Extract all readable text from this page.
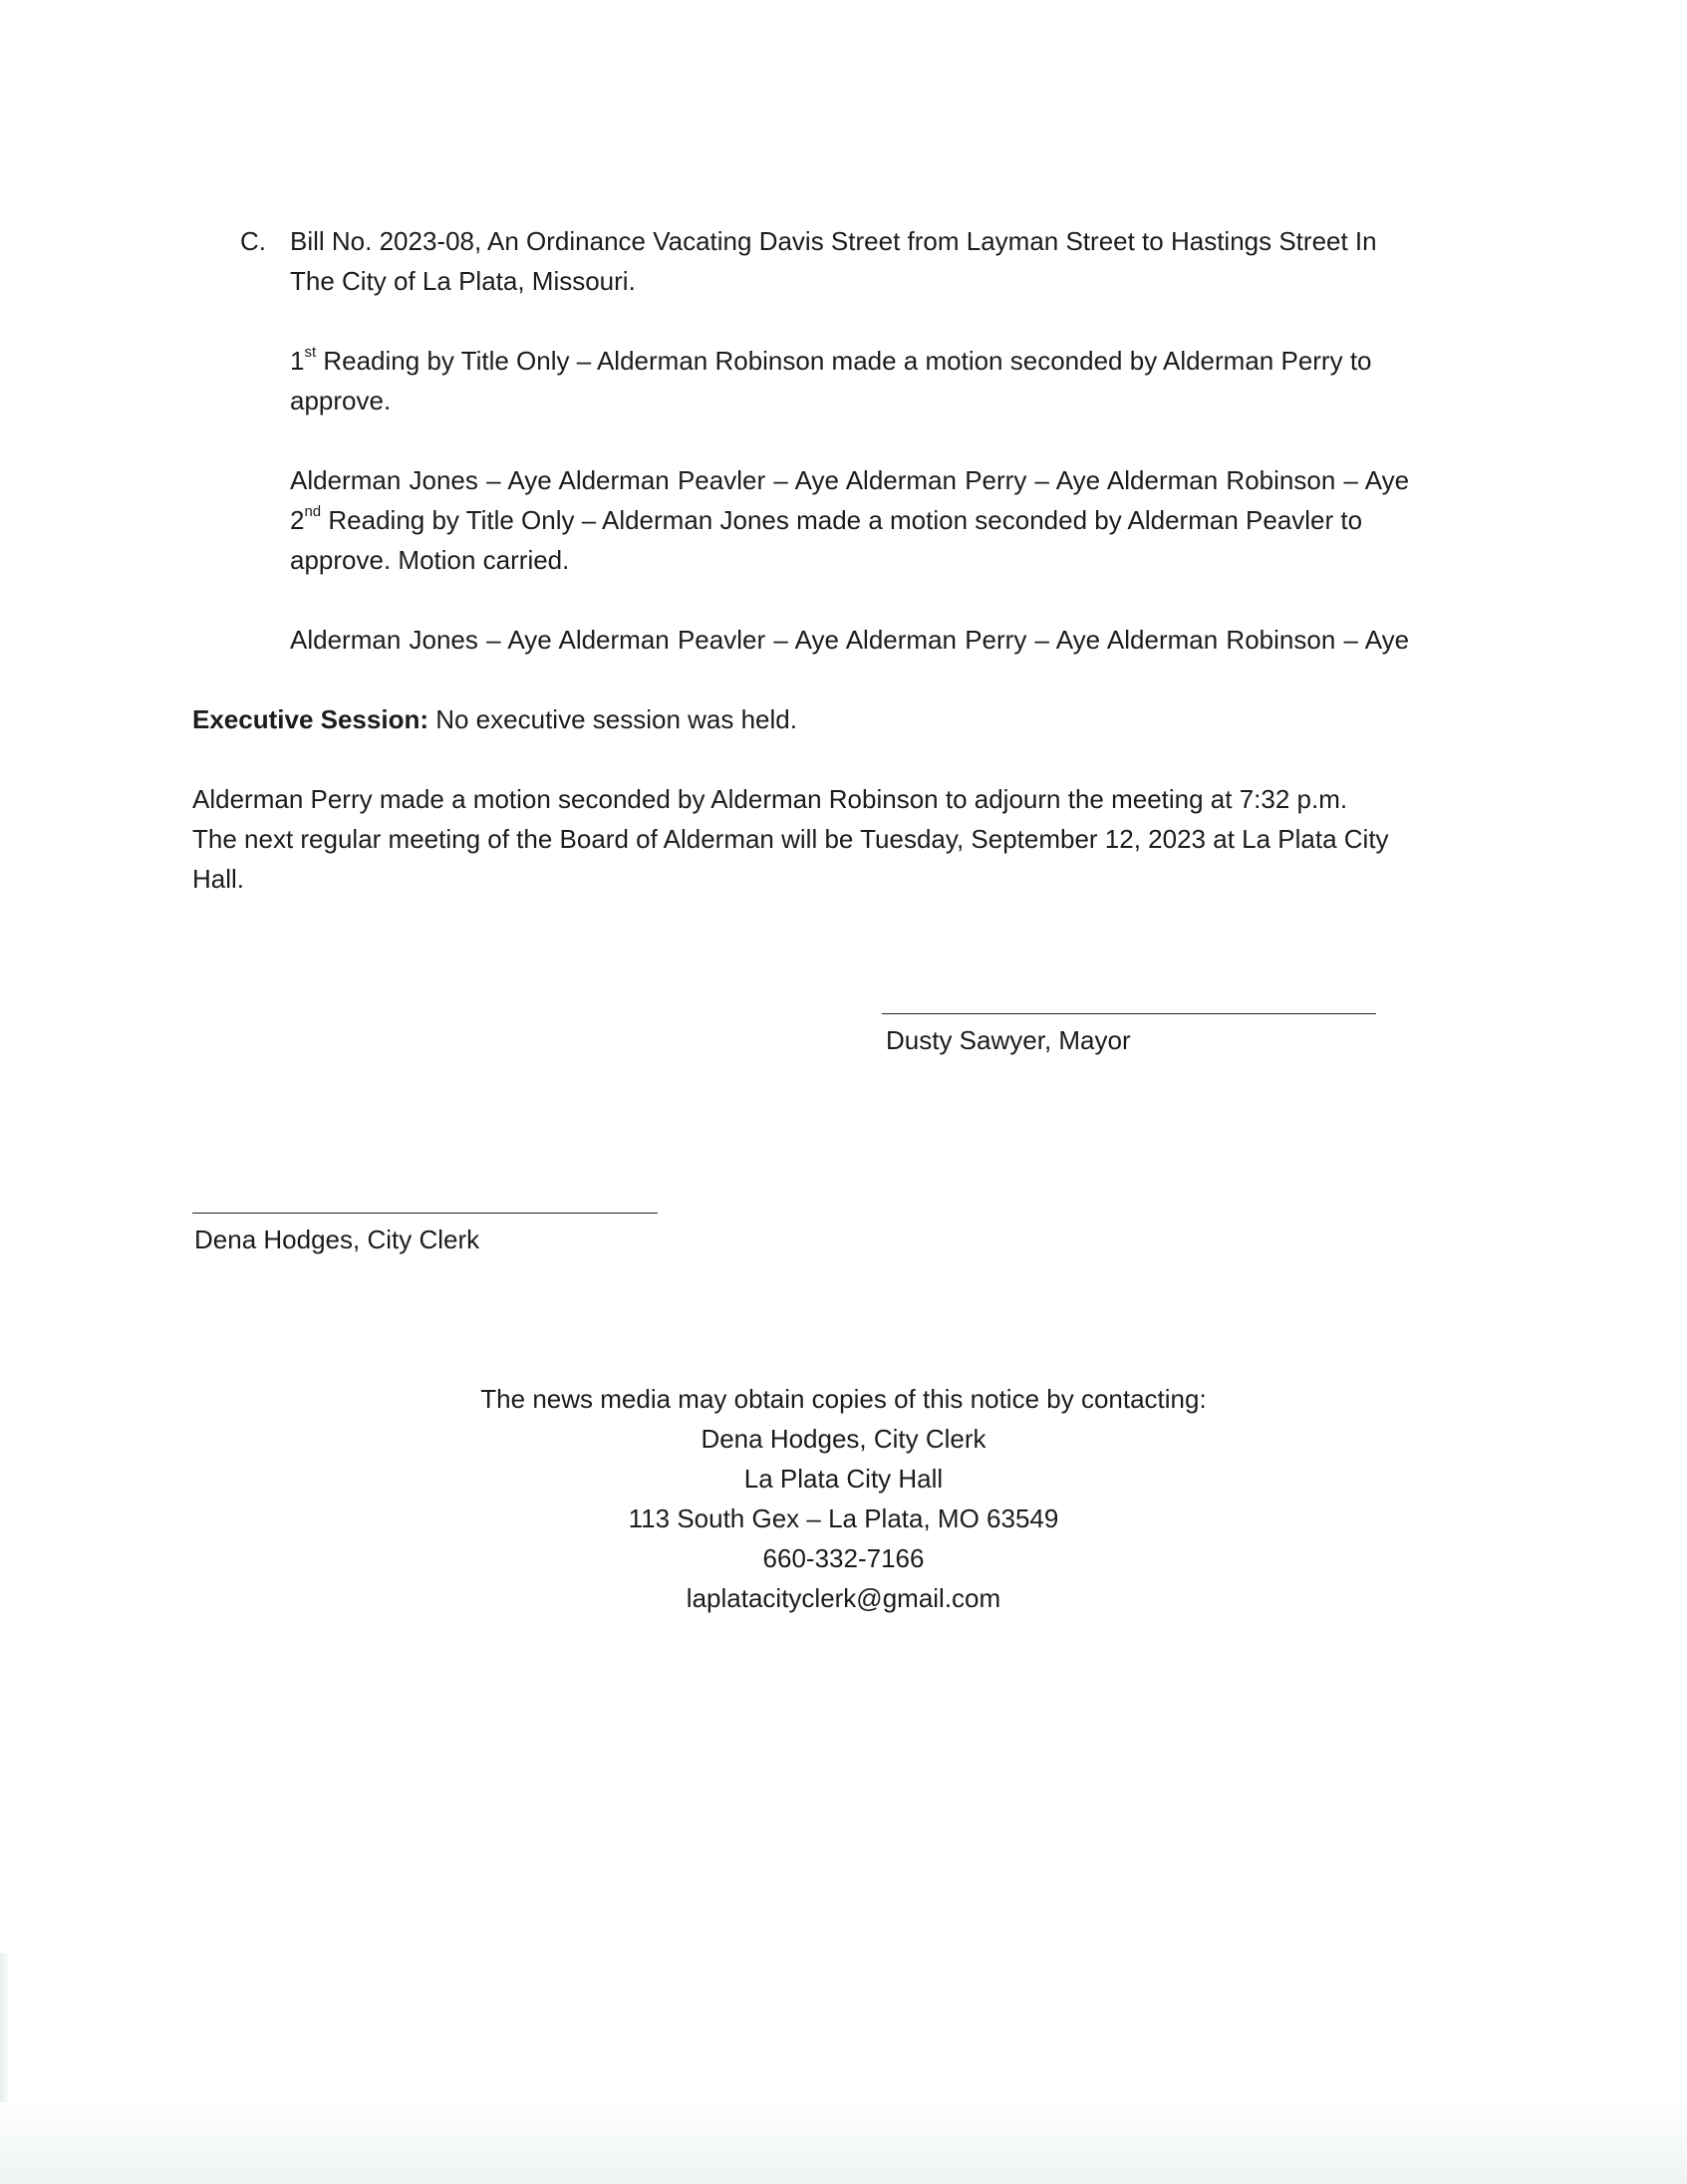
C. Bill No. 2023-08, An Ordinance Vacating Davis Street from Layman Street to Hastings Street In
The City of La Plata, Missouri.
1st Reading by Title Only – Alderman Robinson made a motion seconded by Alderman Perry to
approve.
Alderman Jones – Aye Alderman Peavler – Aye Alderman Perry – Aye Alderman Robinson – Aye
2nd Reading by Title Only – Alderman Jones made a motion seconded by Alderman Peavler to
approve. Motion carried.
Alderman Jones – Aye Alderman Peavler – Aye Alderman Perry – Aye Alderman Robinson – Aye
Executive Session: No executive session was held.
Alderman Perry made a motion seconded by Alderman Robinson to adjourn the meeting at 7:32 p.m.
The next regular meeting of the Board of Alderman will be Tuesday, September 12, 2023 at La Plata City
Hall.
Dusty Sawyer, Mayor
Dena Hodges, City Clerk
The news media may obtain copies of this notice by contacting:
Dena Hodges, City Clerk
La Plata City Hall
113 South Gex – La Plata, MO 63549
660-332-7166
laplatacityclerk@gmail.com
